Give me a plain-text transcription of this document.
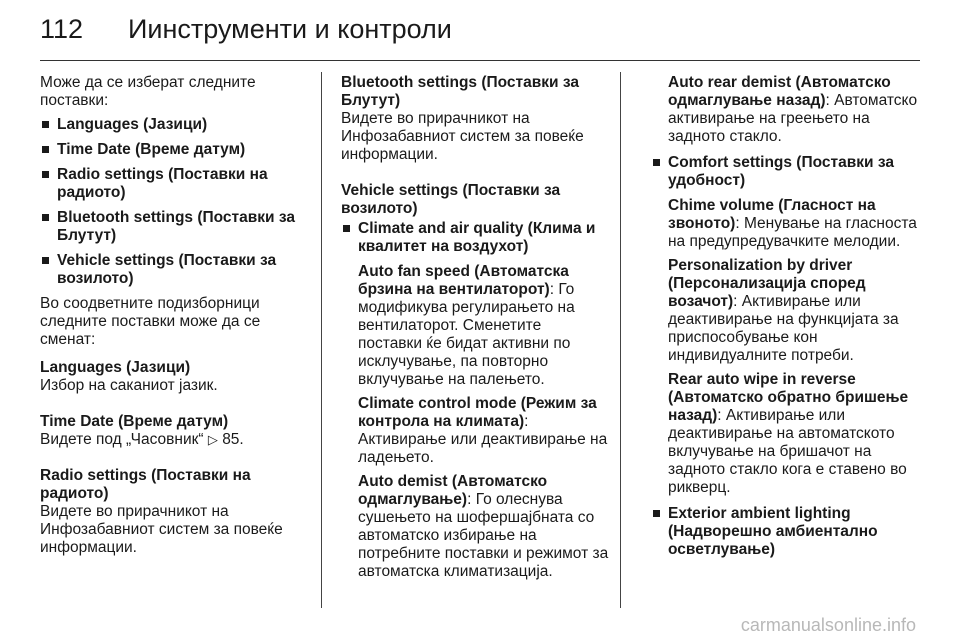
112	Иинструменти и контроли

Може да се изберат следните поставки:

Languages (Јазици)
Time Date (Време датум)
Radio settings (Поставки на радиото)
Bluetooth settings (Поставки за Блутут)
Vehicle settings (Поставки за возилото)

Во соодветните подизборници следните поставки може да се сменат:

Languages (Јазици)

Избор на саканиот јазик.

Time Date (Време датум)

Видете под „Часовник“ ▷ 85.

Radio settings (Поставки на радиото)

Видете во прирачникот на Инфозабавниот систем за повеќе информации.

Bluetooth settings (Поставки за Блутут)

Видете во прирачникот на Инфозабавниот систем за повеќе информации.

Vehicle settings (Поставки за возилото)

Climate and air quality (Клима и квалитет на воздухот)

Auto fan speed (Автоматска брзина на вентилаторот): Го модификува регулирањето на вентилаторот. Сменетите поставки ќе бидат активни по исклучување, па повторно вклучување на палењето.

Climate control mode (Режим за контрола на климата): Активирање или деактивирање на ладењето.

Auto demist (Автоматско одмаглување): Го олеснува сушењето на шофершајбната со автоматско избирање на потребните поставки и режимот за автоматска климатизација.

Auto rear demist (Автоматско одмаглување назад): Автоматско активирање на греењето на задното стакло.

Comfort settings (Поставки за удобност)

Chime volume (Гласност на звонoто): Менување на гласноста на предупредувачките мелодии.

Personalization by driver (Персонализација според возачот): Активирање или деактивирање на функцијата за приспособување кон индивидуалните потреби.

Rear auto wipe in reverse (Автоматско обратно бришење назад): Активирање или деактивирање на автоматското вклучување на бришачот на задното стакло кога е ставено во рикверц.

Exterior ambient lighting (Надворешно амбиентално осветлување)
carmanualsonline.info
